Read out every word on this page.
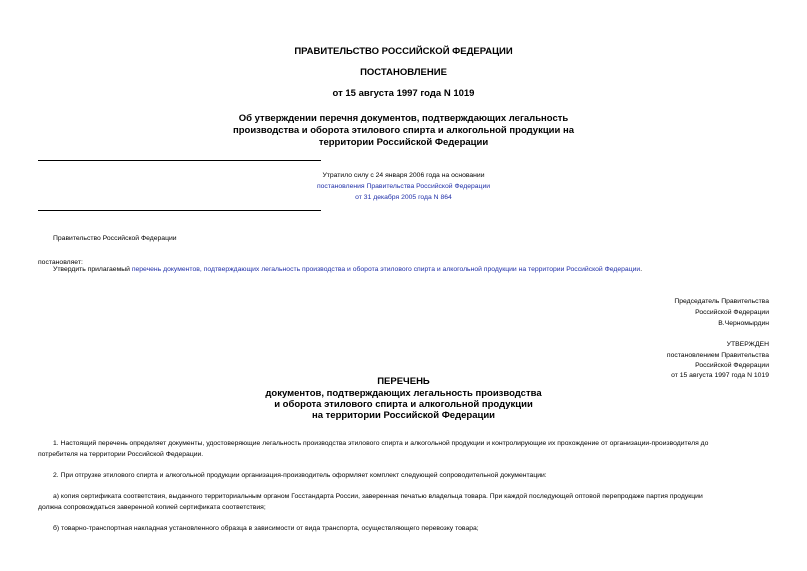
ПРАВИТЕЛЬСТВО РОССИЙСКОЙ ФЕДЕРАЦИИ
ПОСТАНОВЛЕНИЕ
от 15 августа 1997 года N 1019
Об утверждении перечня документов, подтверждающих легальность
производства и оборота этилового спирта и алкогольной продукции на
территории Российской Федерации
Утратило силу с 24 января 2006 года на основании
постановления Правительства Российской Федерации
от 31 декабря 2005 года N 864
Правительство Российской Федерации
постановляет:
Утвердить прилагаемый перечень документов, подтверждающих легальность производства и оборота этилового спирта и алкогольной продукции на территории Российской Федерации.
Председатель Правительства
Российской Федерации
В.Черномырдин
УТВЕРЖДЕН
постановлением Правительства
Российской Федерации
от 15 августа 1997 года N 1019
ПЕРЕЧЕНЬ
документов, подтверждающих легальность производства
и оборота этилового спирта и алкогольной продукции
на территории Российской Федерации
1. Настоящий перечень определяет документы, удостоверяющие легальность производства этилового спирта и алкогольной продукции и контролирующие их прохождение от организации-производителя до
потребителя на территории Российской Федерации.
2. При отгрузке этилового спирта и алкогольной продукции организация-производитель оформляет комплект следующей сопроводительной документации:
а) копия сертификата соответствия, выданного территориальным органом Госстандарта России, заверенная печатью владельца товара. При каждой последующей оптовой перепродаже партия продукции
должна сопровождаться заверенной копией сертификата соответствия;
б) товарно-транспортная накладная установленного образца в зависимости от вида транспорта, осуществляющего перевозку товара;
